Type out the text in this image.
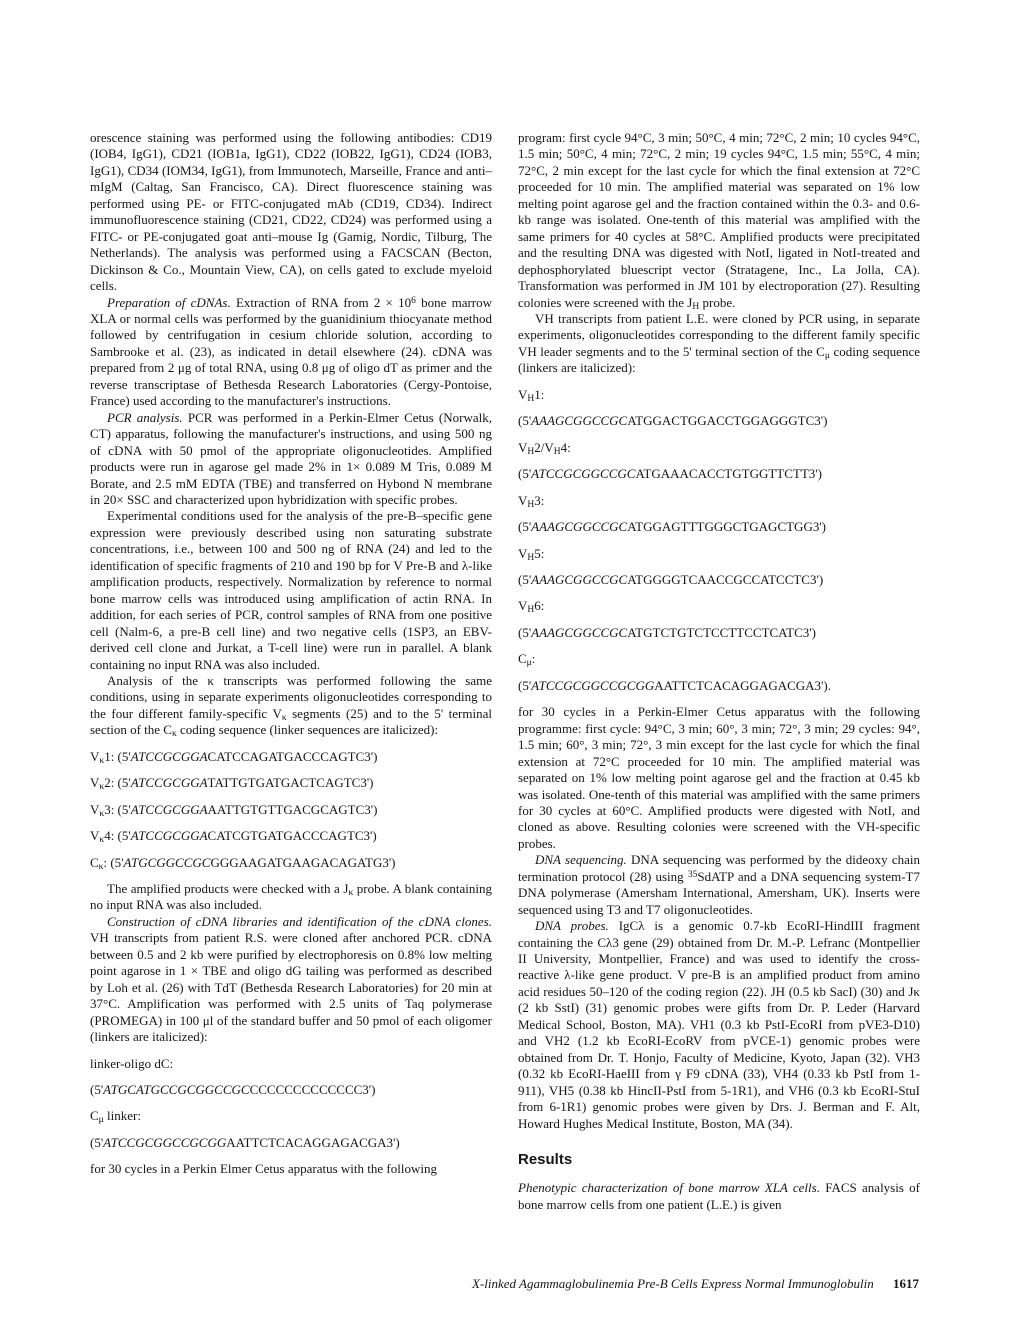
orescence staining was performed using the following antibodies: CD19 (IOB4, IgG1), CD21 (IOB1a, IgG1), CD22 (IOB22, IgG1), CD24 (IOB3, IgG1), CD34 (IOM34, IgG1), from Immunotech, Marseille, France and anti–mIgM (Caltag, San Francisco, CA). Direct fluorescence staining was performed using PE- or FITC-conjugated mAb (CD19, CD34). Indirect immunofluorescence staining (CD21, CD22, CD24) was performed using a FITC- or PE-conjugated goat anti–mouse Ig (Gamig, Nordic, Tilburg, The Netherlands). The analysis was performed using a FACSCAN (Becton, Dickinson & Co., Mountain View, CA), on cells gated to exclude myeloid cells.

Preparation of cDNAs. Extraction of RNA from $2 \times 10^6$ bone marrow XLA or normal cells was performed by the guanidinium thiocyanate method followed by centrifugation in cesium chloride solution, according to Sambrooke et al. (23), as indicated in detail elsewhere (24). cDNA was prepared from 2 μg of total RNA, using 0.8 μg of oligo dT as primer and the reverse transcriptase of Bethesda Research Laboratories (Cergy-Pontoise, France) used according to the manufacturer's instructions.

PCR analysis. PCR was performed in a Perkin-Elmer Cetus (Norwalk, CT) apparatus, following the manufacturer's instructions, and using 500 ng of cDNA with 50 pmol of the appropriate oligonucleotides. Amplified products were run in agarose gel made 2% in 1× 0.089 M Tris, 0.089 M Borate, and 2.5 mM EDTA (TBE) and transferred on Hybond N membrane in 20× SSC and characterized upon hybridization with specific probes.

Experimental conditions used for the analysis of the pre-B–specific gene expression were previously described using non saturating substrate concentrations, i.e., between 100 and 500 ng of RNA (24) and led to the identification of specific fragments of 210 and 190 bp for V Pre-B and λ-like amplification products, respectively. Normalization by reference to normal bone marrow cells was introduced using amplification of actin RNA. In addition, for each series of PCR, control samples of RNA from one positive cell (Nalm-6, a pre-B cell line) and two negative cells (1SP3, an EBV-derived cell clone and Jurkat, a T-cell line) were run in parallel. A blank containing no input RNA was also included.

Analysis of the κ transcripts was performed following the same conditions, using in separate experiments oligonucleotides corresponding to the four different family-specific $V_\kappa$ segments (25) and to the 5' terminal section of the $C_\kappa$ coding sequence (linker sequences are italicized):

$V_\kappa 1$: (5'ATCCGCGGACATCCAGATGACCCAGTC3')

$V_\kappa 2$: (5'ATCCGCGGATATTGTGATGACTCAGTC3')

$V_\kappa 3$: (5'ATCCGCGGAAATTGTGTTGACGCAGTC3')

$V_\kappa 4$: (5'ATCCGCGGACATCGTGATGACCCAGTC3')

$C_\kappa$: (5'ATGCGGCCGCGGGAAGATGAAGACAGATG3')

The amplified products were checked with a $J_\kappa$ probe. A blank containing no input RNA was also included.

Construction of cDNA libraries and identification of the cDNA clones. VH transcripts from patient R.S. were cloned after anchored PCR. cDNA between 0.5 and 2 kb were purified by electrophoresis on 0.8% low melting point agarose in 1 × TBE and oligo dG tailing was performed as described by Loh et al. (26) with TdT (Bethesda Research Laboratories) for 20 min at 37°C. Amplification was performed with 2.5 units of Taq polymerase (PROMEGA) in 100 μl of the standard buffer and 50 pmol of each oligomer (linkers are italicized):

linker-oligo dC:

(5'ATGCATGCCGCGGCCGCCCCCCCCCCCCCC3')

$C_\mu$ linker:

(5'ATCCGCGGCCGCGGAATTCTCACAGGAGACGA3')

for 30 cycles in a Perkin Elmer Cetus apparatus with the following

program: first cycle 94°C, 3 min; 50°C, 4 min; 72°C, 2 min; 10 cycles 94°C, 1.5 min; 50°C, 4 min; 72°C, 2 min; 19 cycles 94°C, 1.5 min; 55°C, 4 min; 72°C, 2 min except for the last cycle for which the final extension at 72°C proceeded for 10 min. The amplified material was separated on 1% low melting point agarose gel and the fraction contained within the 0.3- and 0.6-kb range was isolated. One-tenth of this material was amplified with the same primers for 40 cycles at 58°C. Amplified products were precipitated and the resulting DNA was digested with NotI, ligated in NotI-treated and dephosphorylated bluescript vector (Stratagene, Inc., La Jolla, CA). Transformation was performed in JM 101 by electroporation (27). Resulting colonies were screened with the $J_H$ probe.

VH transcripts from patient L.E. were cloned by PCR using, in separate experiments, oligonucleotides corresponding to the different family specific VH leader segments and to the 5' terminal section of the $C_\mu$ coding sequence (linkers are italicized):

$V_H1$:

(5'AAAGCGGCCGCATGGACTGGACCTGGAGGGTC3')

$V_H2/V_H4$:

(5'ATCCGCGGCCGCATGAAACACCTGTGGTTCTT3')

$V_H3$:

(5'AAAGCGGCCGCATGGAGTTTGGGCTGAGCTGG3')

$V_H5$:

(5'AAAGCGGCCGCATGGGGTCAACCGCCATCCTC3')

$V_H6$:

(5'AAAGCGGCCGCATGTCTGTCTCCTTCCTCATC3')

$C_\mu$:

(5'ATCCGCGGCCGCGGAATTCTCACAGGAGACGA3').

for 30 cycles in a Perkin-Elmer Cetus apparatus with the following programme: first cycle: 94°C, 3 min; 60°, 3 min; 72°, 3 min; 29 cycles: 94°, 1.5 min; 60°, 3 min; 72°, 3 min except for the last cycle for which the final extension at 72°C proceeded for 10 min. The amplified material was separated on 1% low melting point agarose gel and the fraction at 0.45 kb was isolated. One-tenth of this material was amplified with the same primers for 30 cycles at 60°C. Amplified products were digested with NotI, and cloned as above. Resulting colonies were screened with the VH-specific probes.

DNA sequencing. DNA sequencing was performed by the dideoxy chain termination protocol (28) using $^{35}$SdATP and a DNA sequencing system-T7 DNA polymerase (Amersham International, Amersham, UK). Inserts were sequenced using T3 and T7 oligonucleotides.

DNA probes. IgCλ is a genomic 0.7-kb EcoRI-HindIII fragment containing the Cλ3 gene (29) obtained from Dr. M.-P. Lefranc (Montpellier II University, Montpellier, France) and was used to identify the cross-reactive λ-like gene product. V pre-B is an amplified product from amino acid residues 50–120 of the coding region (22). JH (0.5 kb SacI) (30) and Jκ (2 kb SstI) (31) genomic probes were gifts from Dr. P. Leder (Harvard Medical School, Boston, MA). VH1 (0.3 kb PstI-EcoRI from pVE3-D10) and VH2 (1.2 kb EcoRI-EcoRV from pVCE-1) genomic probes were obtained from Dr. T. Honjo, Faculty of Medicine, Kyoto, Japan (32). VH3 (0.32 kb EcoRI-HaeIII from γ F9 cDNA (33), VH4 (0.33 kb PstI from 1-911), VH5 (0.38 kb HincII-PstI from 5-1R1), and VH6 (0.3 kb EcoRI-StuI from 6-1R1) genomic probes were given by Drs. J. Berman and F. Alt, Howard Hughes Medical Institute, Boston, MA (34).

Results

Phenotypic characterization of bone marrow XLA cells. FACS analysis of bone marrow cells from one patient (L.E.) is given

X-linked Agammaglobulinemia Pre-B Cells Express Normal Immunoglobulin 1617
